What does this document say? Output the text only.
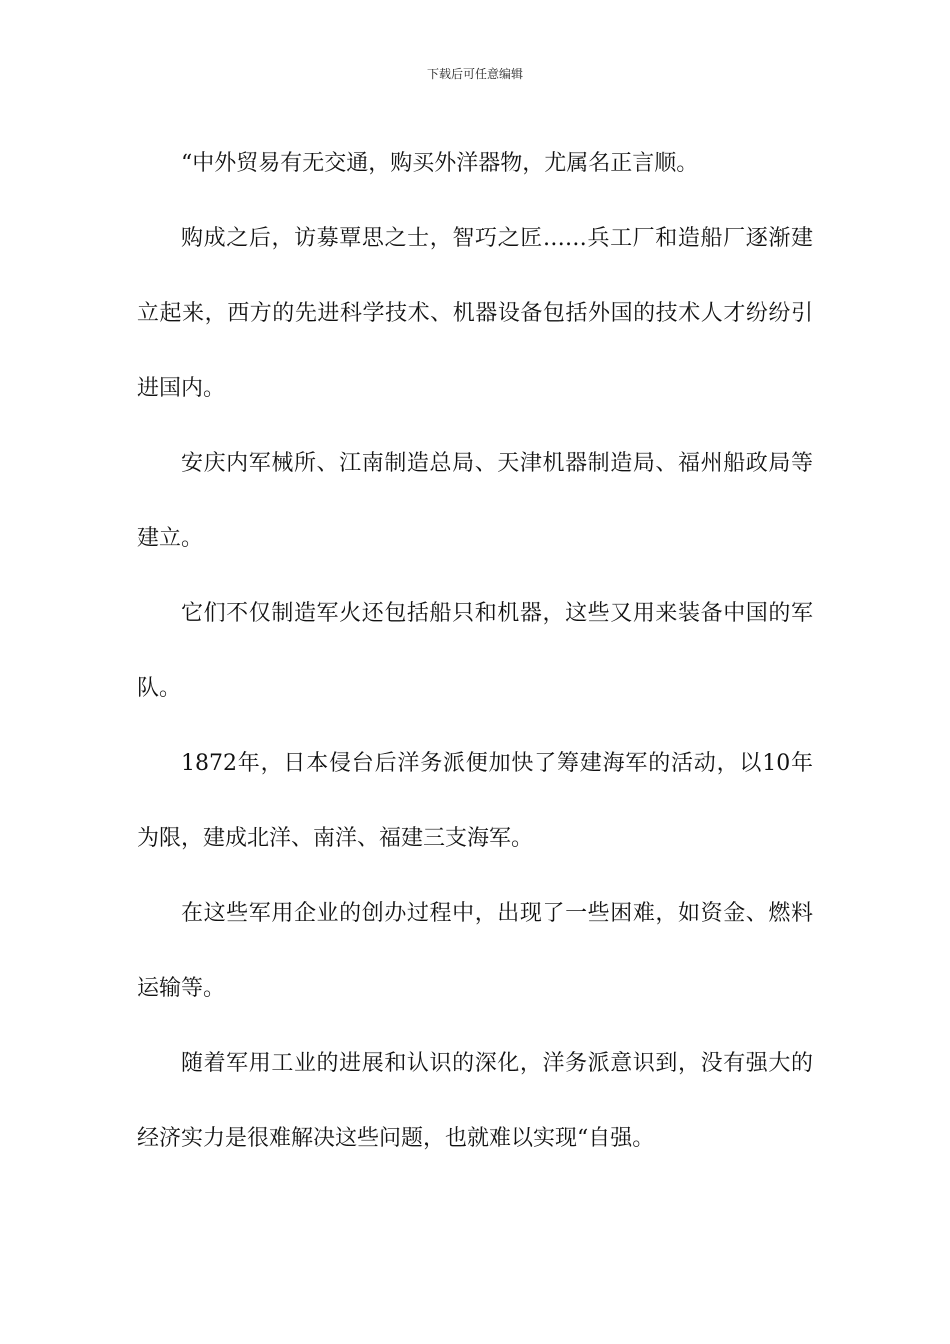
下载后可任意编辑

“中外贸易有无交通，购买外洋器物，尤属名正言顺。

购成之后，访募覃思之士，智巧之匠……兵工厂和造船厂逐渐建立起来，西方的先进科学技术、机器设备包括外国的技术人才纷纷引进国内。

安庆内军械所、江南制造总局、天津机器制造局、福州船政局等建立。

它们不仅制造军火还包括船只和机器，这些又用来装备中国的军队。

1872年，日本侵台后洋务派便加快了筹建海军的活动，以10年为限，建成北洋、南洋、福建三支海军。

在这些军用企业的创办过程中，出现了一些困难，如资金、燃料运输等。

随着军用工业的进展和认识的深化，洋务派意识到，没有强大的经济实力是很难解决这些问题，也就难以实现“自强。
